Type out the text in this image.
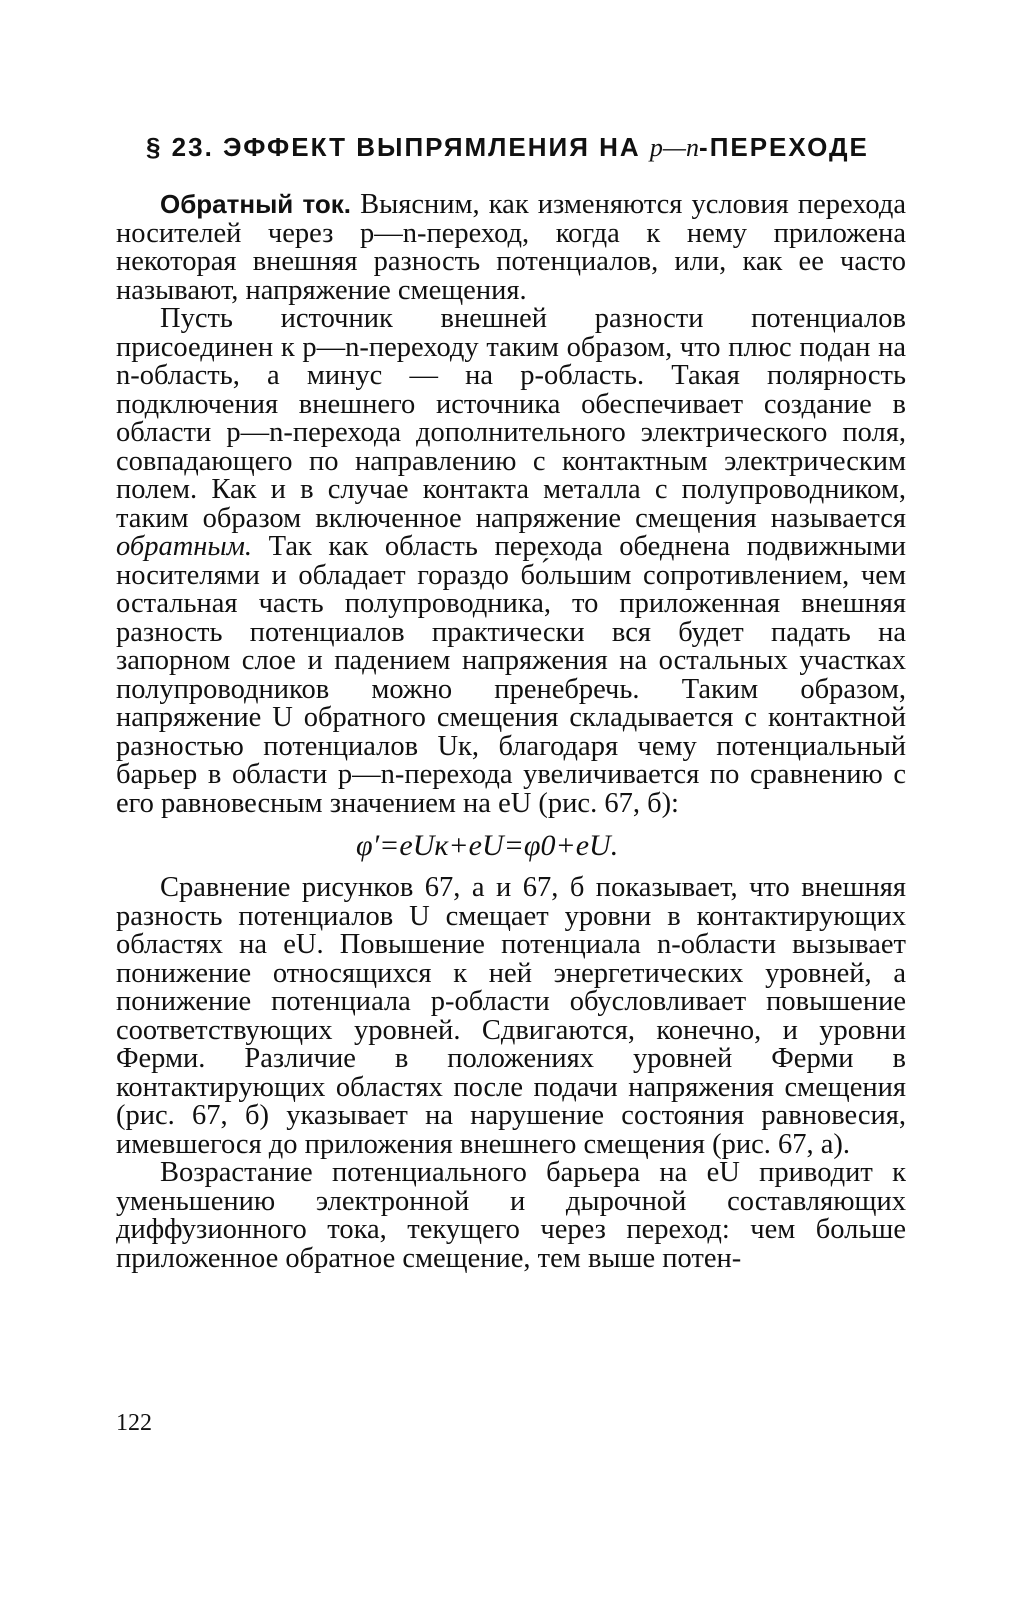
§ 23. ЭФФЕКТ ВЫПРЯМЛЕНИЯ НА p—n-ПЕРЕХОДЕ

Обратный ток. Выясним, как изменяются условия перехода носителей через p—n-переход, когда к нему приложена некоторая внешняя разность потенциалов, или, как ее часто называют, напряжение смещения.

Пусть источник внешней разности потенциалов присоединен к p—n-переходу таким образом, что плюс подан на n-область, а минус — на p-область. Такая полярность подключения внешнего источника обеспечивает создание в области p—n-перехода дополнительного электрического поля, совпадающего по направлению с контактным электрическим полем. Как и в случае контакта металла с полупроводником, таким образом включенное напряжение смещения называется обратным. Так как область перехода обеднена подвижными носителями и обладает гораздо бо́льшим сопротивлением, чем остальная часть полупроводника, то приложенная внешняя разность потенциалов практически вся будет падать на запорном слое и падением напряжения на остальных участках полупроводников можно пренебречь. Таким образом, напряжение U обратного смещения складывается с контактной разностью потенциалов Uк, благодаря чему потенциальный барьер в области p—n-перехода увеличивается по сравнению с его равновесным значением на eU (рис. 67, б):

φ′=eUк+eU=φ0+eU.

Сравнение рисунков 67, а и 67, б показывает, что внешняя разность потенциалов U смещает уровни в контактирующих областях на eU. Повышение потенциала n-области вызывает понижение относящихся к ней энергетических уровней, а понижение потенциала p-области обусловливает повышение соответствующих уровней. Сдвигаются, конечно, и уровни Ферми. Различие в положениях уровней Ферми в контактирующих областях после подачи напряжения смещения (рис. 67, б) указывает на нарушение состояния равновесия, имевшегося до приложения внешнего смещения (рис. 67, а).

Возрастание потенциального барьера на eU приводит к уменьшению электронной и дырочной составляющих диффузионного тока, текущего через переход: чем больше приложенное обратное смещение, тем выше потен-

122
